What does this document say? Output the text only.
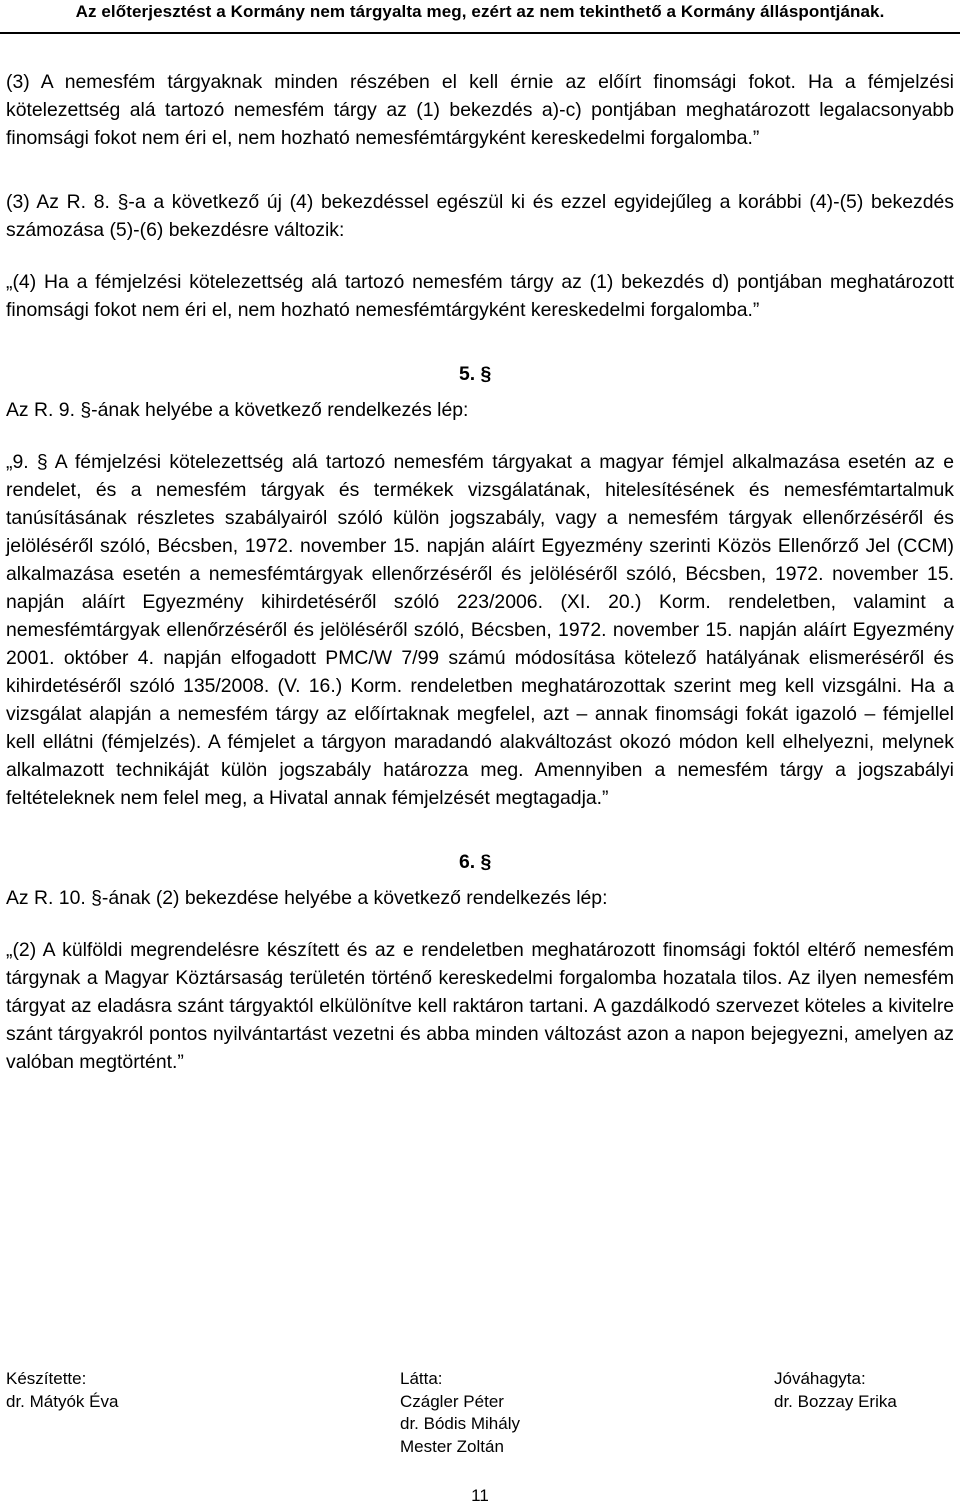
Az előterjesztést a Kormány nem tárgyalta meg, ezért az nem tekinthető a Kormány álláspontjának.

(3) A nemesfém tárgyaknak minden részében el kell érnie az előírt finomsági fokot. Ha a fémjelzési kötelezettség alá tartozó nemesfém tárgy az (1) bekezdés a)-c) pontjában meghatározott legalacsonyabb finomsági fokot nem éri el, nem hozható nemesfémtárgyként kereskedelmi forgalomba.”

(3) Az R. 8. §-a a következő új (4) bekezdéssel egészül ki és ezzel egyidejűleg a korábbi (4)-(5) bekezdés számozása (5)-(6) bekezdésre változik:

„(4) Ha a fémjelzési kötelezettség alá tartozó nemesfém tárgy az (1) bekezdés d) pontjában meghatározott finomsági fokot nem éri el, nem hozható nemesfémtárgyként kereskedelmi forgalomba.”

5. §

Az R. 9. §-ának helyébe a következő rendelkezés lép:

„9. § A fémjelzési kötelezettség alá tartozó nemesfém tárgyakat a magyar fémjel alkalmazása esetén az e rendelet, és a nemesfém tárgyak és termékek vizsgálatának, hitelesítésének és nemesfémtartalmuk tanúsításának részletes szabályairól szóló külön jogszabály, vagy a nemesfém tárgyak ellenőrzéséről és jelöléséről szóló, Bécsben, 1972. november 15. napján aláírt Egyezmény szerinti Közös Ellenőrző Jel (CCM) alkalmazása esetén a nemesfémtárgyak ellenőrzéséről és jelöléséről szóló, Bécsben, 1972. november 15. napján aláírt Egyezmény kihirdetéséről szóló 223/2006. (XI. 20.) Korm. rendeletben, valamint a nemesfémtárgyak ellenőrzéséről és jelöléséről szóló, Bécsben, 1972. november 15. napján aláírt Egyezmény 2001. október 4. napján elfogadott PMC/W 7/99 számú módosítása kötelező hatályának elismeréséről és kihirdetéséről szóló 135/2008. (V. 16.) Korm. rendeletben meghatározottak szerint meg kell vizsgálni. Ha a vizsgálat alapján a nemesfém tárgy az előírtaknak megfelel, azt – annak finomsági fokát igazoló – fémjellel kell ellátni (fémjelzés). A fémjelet a tárgyon maradandó alakváltozást okozó módon kell elhelyezni, melynek alkalmazott technikáját külön jogszabály határozza meg. Amennyiben a nemesfém tárgy a jogszabályi feltételeknek nem felel meg, a Hivatal annak fémjelzését megtagadja.”

6. §

Az R. 10. §-ának (2) bekezdése helyébe a következő rendelkezés lép:

„(2) A külföldi megrendelésre készített és az e rendeletben meghatározott finomsági foktól eltérő nemesfém tárgynak a Magyar Köztársaság területén történő kereskedelmi forgalomba hozatala tilos. Az ilyen nemesfém tárgyat az eladásra szánt tárgyaktól elkülönítve kell raktáron tartani. A gazdálkodó szervezet köteles a kivitelre szánt tárgyakról pontos nyilvántartást vezetni és abba minden változást azon a napon bejegyezni, amelyen az valóban megtörtént.”

Készítette:
dr. Mátyók Éva
Látta:
Czágler Péter
dr. Bódis Mihály
Mester Zoltán
Jóváhagyta:
dr. Bozzay Erika
11
